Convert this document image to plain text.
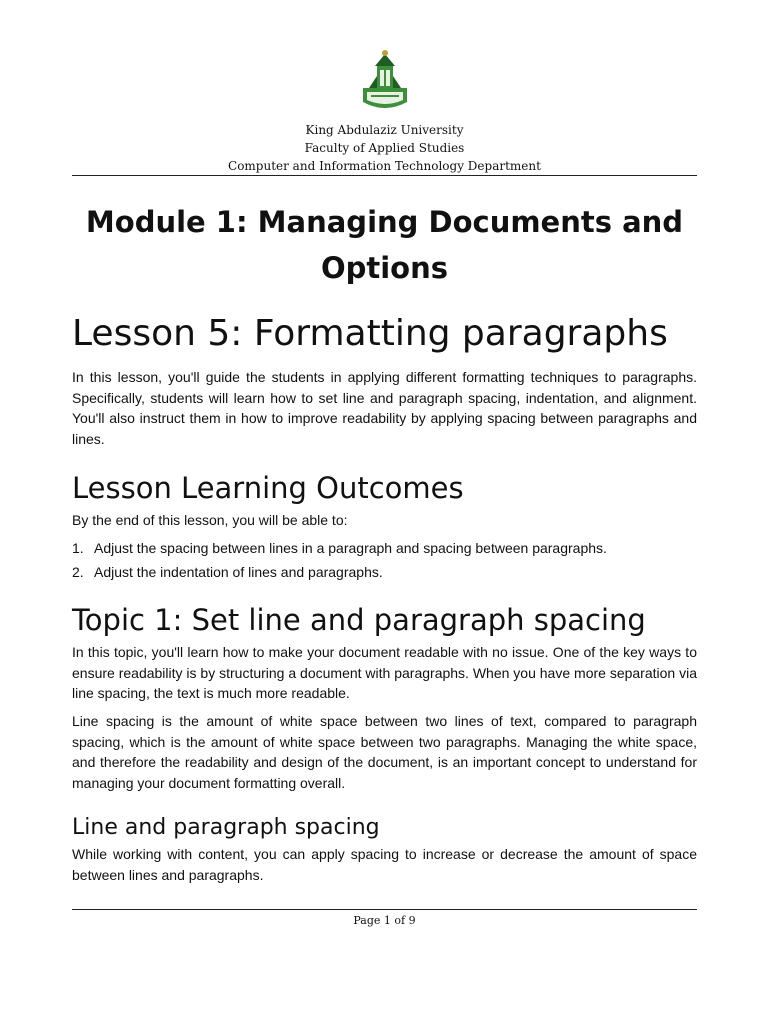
King Abdulaziz University
Faculty of Applied Studies
Computer and Information Technology Department
Module 1: Managing Documents and
Options
Lesson 5: Formatting paragraphs

In this lesson, you'll guide the students in applying different formatting techniques to paragraphs. Specifically, students will learn how to set line and paragraph spacing, indentation, and alignment. You'll also instruct them in how to improve readability by applying spacing between paragraphs and lines.

Lesson Learning Outcomes

By the end of this lesson, you will be able to:

1. Adjust the spacing between lines in a paragraph and spacing between paragraphs.
2. Adjust the indentation of lines and paragraphs.
Topic 1: Set line and paragraph spacing

In this topic, you'll learn how to make your document readable with no issue. One of the key ways to ensure readability is by structuring a document with paragraphs. When you have more separation via line spacing, the text is much more readable.

Line spacing is the amount of white space between two lines of text, compared to paragraph spacing, which is the amount of white space between two paragraphs. Managing the white space, and therefore the readability and design of the document, is an important concept to understand for managing your document formatting overall.

Line and paragraph spacing

While working with content, you can apply spacing to increase or decrease the amount of space between lines and paragraphs.

Page 1 of 9
